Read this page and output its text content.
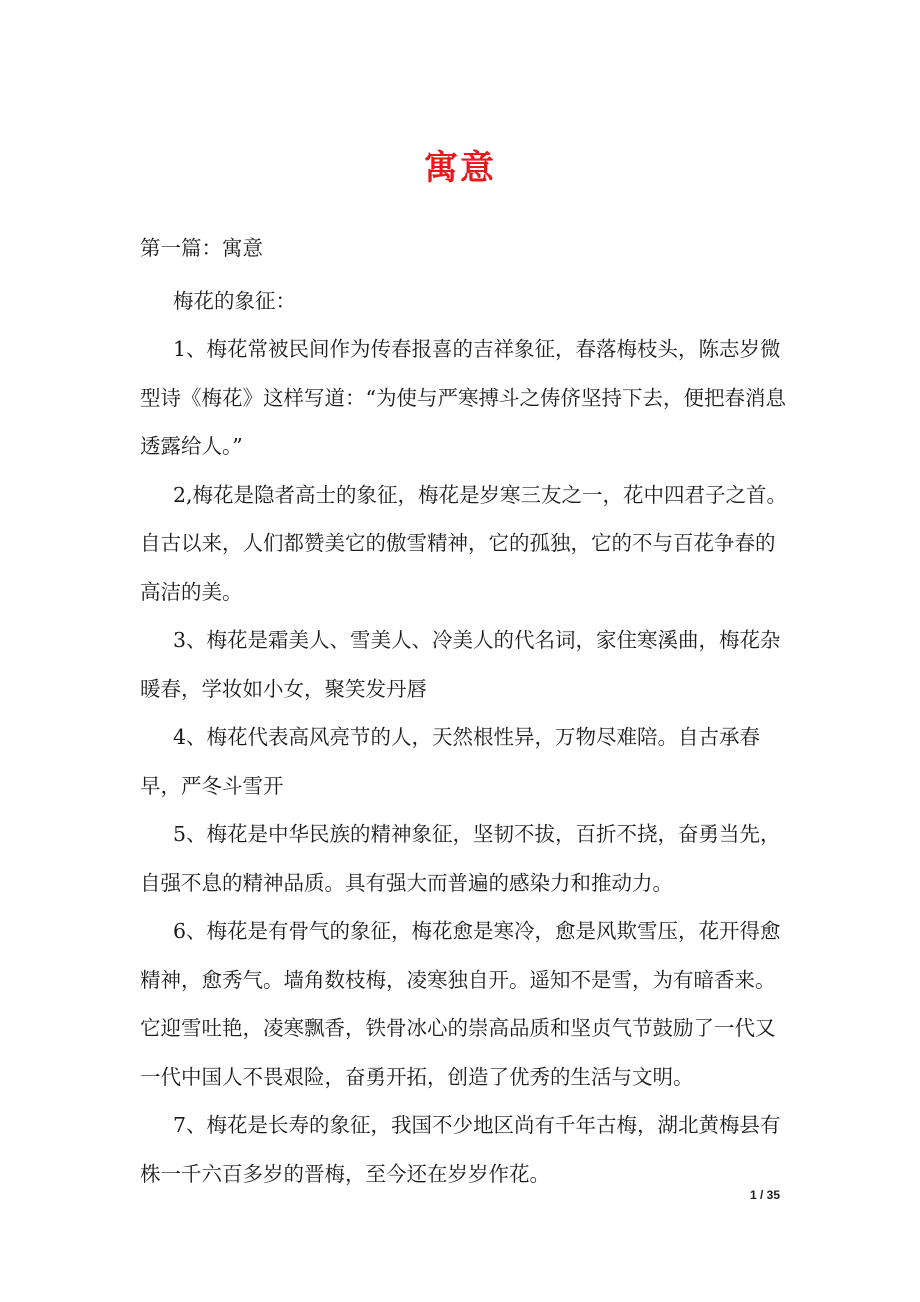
寓意

第一篇：寓意

梅花的象征：

1、梅花常被民间作为传春报喜的吉祥象征，春落梅枝头，陈志岁微型诗《梅花》这样写道：“为使与严寒搏斗之俦侪坚持下去，便把春消息透露给人。”

2,梅花是隐者高士的象征，梅花是岁寒三友之一，花中四君子之首。自古以来，人们都赞美它的傲雪精神，它的孤独，它的不与百花争春的高洁的美。

3、梅花是霜美人、雪美人、冷美人的代名词，家住寒溪曲，梅花杂暖春，学妆如小女，聚笑发丹唇

4、梅花代表高风亮节的人，天然根性异，万物尽难陪。自古承春早，严冬斗雪开

5、梅花是中华民族的精神象征，坚韧不拔，百折不挠，奋勇当先，自强不息的精神品质。具有强大而普遍的感染力和推动力。

6、梅花是有骨气的象征，梅花愈是寒冷，愈是风欺雪压，花开得愈精神，愈秀气。墙角数枝梅，凌寒独自开。遥知不是雪，为有暗香来。它迎雪吐艳，凌寒飘香，铁骨冰心的崇高品质和坚贞气节鼓励了一代又一代中国人不畏艰险，奋勇开拓，创造了优秀的生活与文明。

7、梅花是长寿的象征，我国不少地区尚有千年古梅，湖北黄梅县有株一千六百多岁的晋梅，至今还在岁岁作花。

1 / 35
